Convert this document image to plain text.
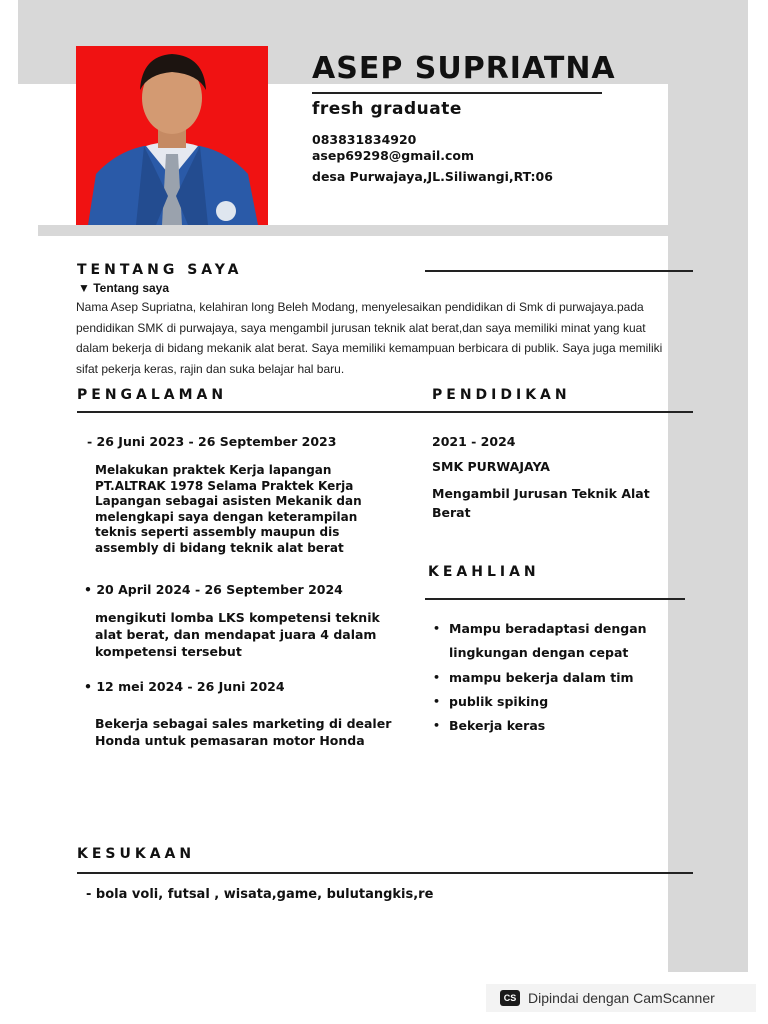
ASEP SUPRIATNA
fresh graduate
083831834920
asep69298@gmail.com
desa Purwajaya,JL.Siliwangi,RT:06
TENTANG SAYA
▼ Tentang saya
Nama Asep Supriatna, kelahiran long Beleh Modang, menyelesaikan pendidikan di Smk di purwajaya.pada pendidikan SMK di purwajaya, saya mengambil jurusan teknik alat berat,dan saya memiliki minat yang kuat dalam bekerja di bidang mekanik alat berat. Saya memiliki kemampuan berbicara di publik. Saya juga memiliki sifat pekerja keras, rajin dan suka belajar hal baru.
PENGALAMAN	PENDIDIKAN
- 26 Juni 2023 - 26 September 2023
Melakukan praktek Kerja lapangan PT.ALTRAK 1978 Selama Praktek Kerja Lapangan sebagai asisten Mekanik dan melengkapi saya dengan keterampilan teknis seperti assembly maupun dis assembly di bidang teknik alat berat
• 20 April 2024 - 26 September 2024
mengikuti lomba LKS kompetensi teknik alat berat, dan mendapat juara 4 dalam kompetensi tersebut
• 12 mei 2024 - 26 Juni 2024
Bekerja sebagai sales marketing di dealer Honda untuk pemasaran motor Honda
2021 - 2024
SMK PURWAJAYA
Mengambil Jurusan Teknik Alat Berat
KEAHLIAN
• Mampu beradaptasi dengan lingkungan dengan cepat
• mampu bekerja dalam tim
• publik spiking
• Bekerja keras
KESUKAAN
- bola voli, futsal , wisata,game, bulutangkis,re
CS Dipindai dengan CamScanner
